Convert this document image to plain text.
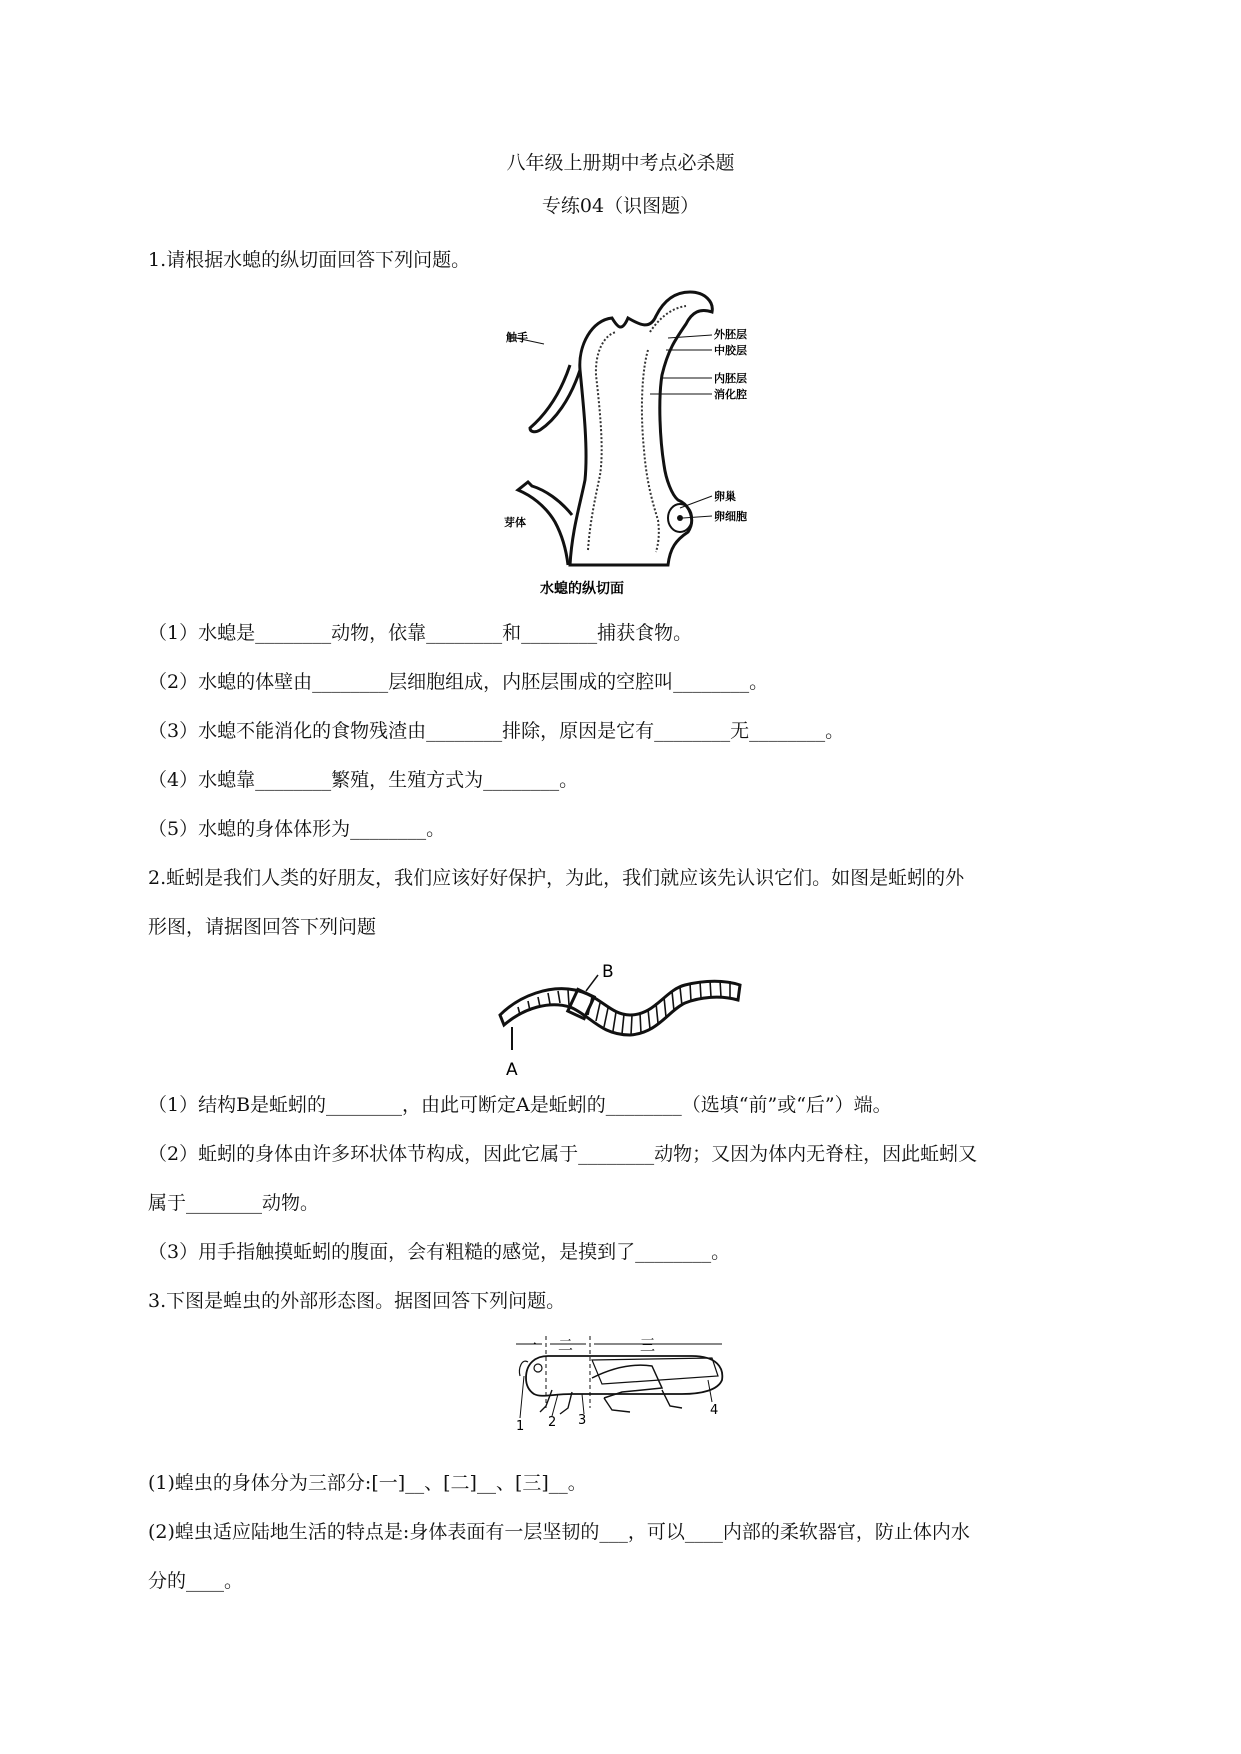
八年级上册期中考点必杀题
专练04（识图题）
1.请根据水螅的纵切面回答下列问题。
触手	外胚层
中胶层
内胚层
消化腔
卵巢
卵细胞
芽体
水螅的纵切面
（1）水螅是________动物，依靠________和________捕获食物。
（2）水螅的体壁由________层细胞组成，内胚层围成的空腔叫________。
（3）水螅不能消化的食物残渣由________排除，原因是它有________无________。
（4）水螅靠________繁殖，生殖方式为________。
（5）水螅的身体体形为________。
2.蚯蚓是我们人类的好朋友，我们应该好好保护，为此，我们就应该先认识它们。如图是蚯蚓的外
形图，请据图回答下列问题
B
A
（1）结构B是蚯蚓的________，由此可断定A是蚯蚓的________（选填“前”或“后”）端。
（2）蚯蚓的身体由许多环状体节构成，因此它属于________动物；又因为体内无脊柱，因此蚯蚓又
属于________动物。
（3）用手指触摸蚯蚓的腹面，会有粗糙的感觉，是摸到了________。
3.下图是蝗虫的外部形态图。据图回答下列问题。
一 二	三
1 2 3
4
(1)蝗虫的身体分为三部分:[一]__、[二]__、[三]__。
(2)蝗虫适应陆地生活的特点是:身体表面有一层坚韧的___，可以____内部的柔软器官，防止体内水
分的____。
